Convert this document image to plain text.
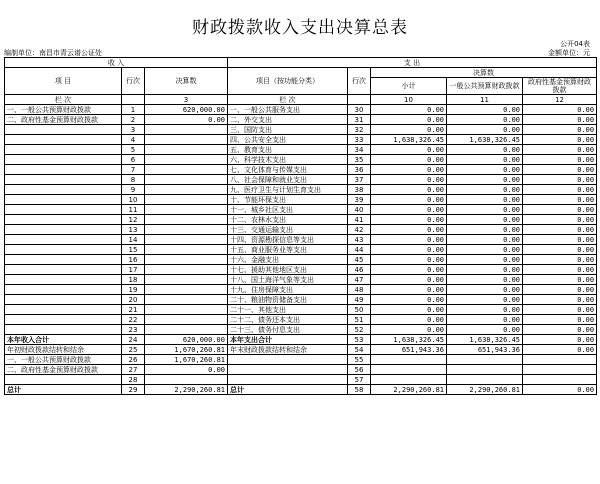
财政拨款收入支出决算总表
公开04表
编制单位：南昌市青云谱公证处	金额单位：元
收 入			支 出				
项 目	行次	决算数	项目（按功能分类）	行次	决算数		
					小计	一般公共预算财政拨款	政府性基金预算财政拨款
栏 次		3	栏 次		10	11	12
一、一般公共预算财政拨款	1	620,000.00	一、一般公共服务支出	30	0.00	0.00	0.00
二、政府性基金预算财政拨款	2	0.00	二、外交支出	31	0.00	0.00	0.00
	3		三、国防支出	32	0.00	0.00	0.00
	4		四、公共安全支出	33	1,638,326.45	1,638,326.45	0.00
	5		五、教育支出	34	0.00	0.00	0.00
	6		六、科学技术支出	35	0.00	0.00	0.00
	7		七、文化体育与传媒支出	36	0.00	0.00	0.00
	8		八、社会保障和就业支出	37	0.00	0.00	0.00
	9		九、医疗卫生与计划生育支出	38	0.00	0.00	0.00
	10		十、节能环保支出	39	0.00	0.00	0.00
	11		十一、城乡社区支出	40	0.00	0.00	0.00
	12		十二、农林水支出	41	0.00	0.00	0.00
	13		十三、交通运输支出	42	0.00	0.00	0.00
	14		十四、资源勘探信息等支出	43	0.00	0.00	0.00
	15		十五、商业服务业等支出	44	0.00	0.00	0.00
	16		十六、金融支出	45	0.00	0.00	0.00
	17		十七、援助其他地区支出	46	0.00	0.00	0.00
	18		十八、国土海洋气象等支出	47	0.00	0.00	0.00
	19		十九、住房保障支出	48	0.00	0.00	0.00
	20		二十、粮油物资储备支出	49	0.00	0.00	0.00
	21		二十一、其他支出	50	0.00	0.00	0.00
	22		二十二、债务还本支出	51	0.00	0.00	0.00
	23		二十三、债务付息支出	52	0.00	0.00	0.00
本年收入合计	24	620,000.00	本年支出合计	53	1,638,326.45	1,638,326.45	0.00
年初财政拨款结转和结余	25	1,670,260.81	年末财政拨款结转和结余	54	651,943.36	651,943.36	0.00
一、一般公共预算财政拨款	26	1,670,260.81		55			
二、政府性基金预算财政拨款	27	0.00		56			
	28			57			
总计	29	2,290,260.81	总计	58	2,290,260.81	2,290,260.81	0.00
